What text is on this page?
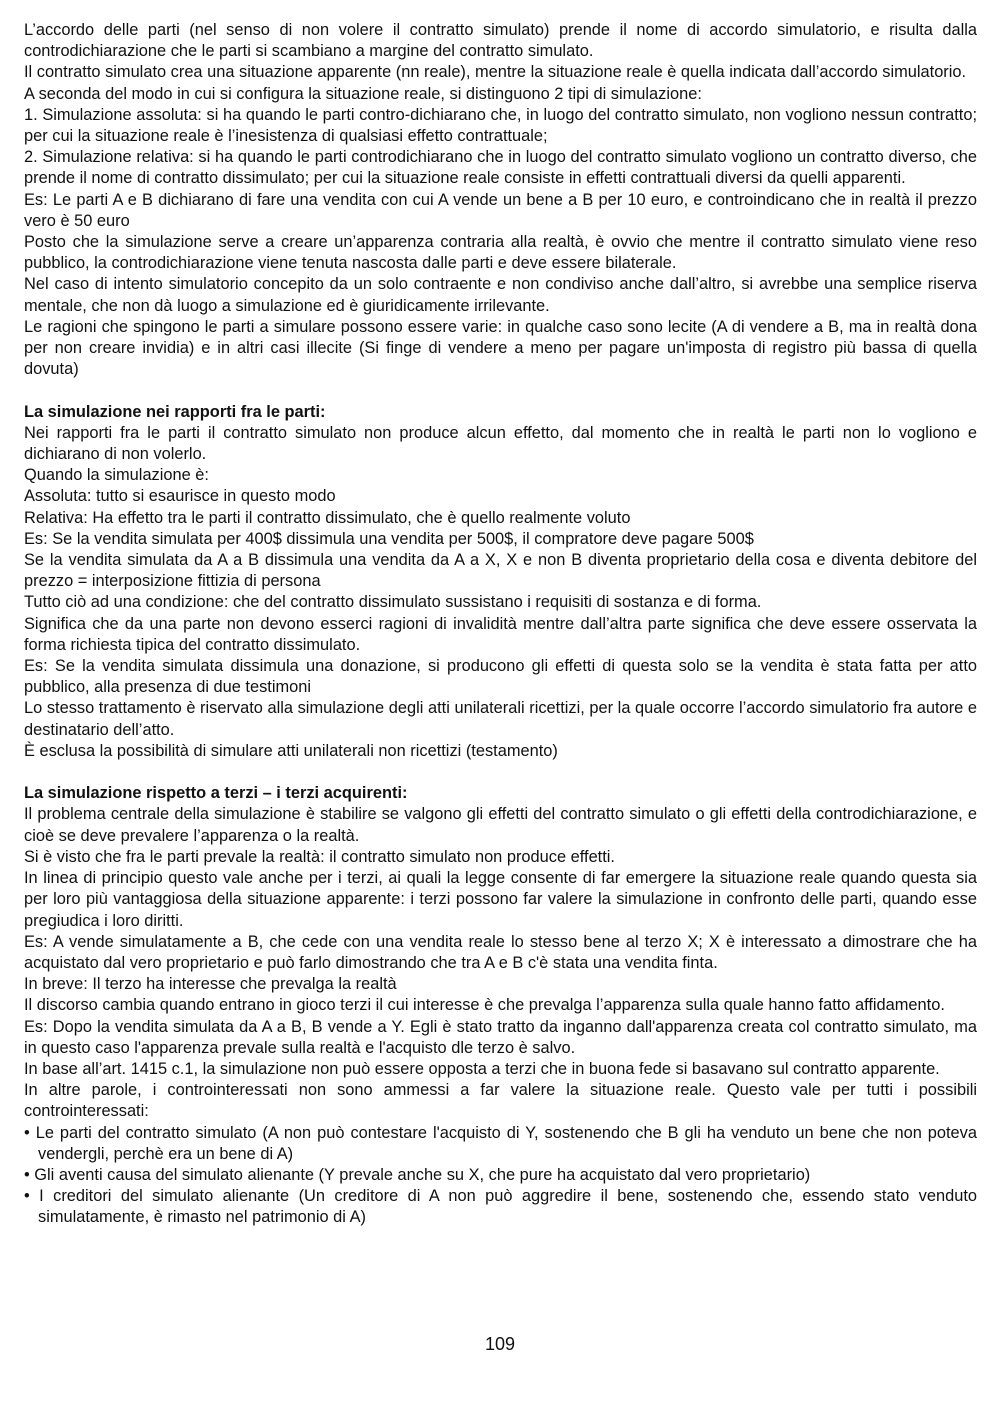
L’accordo delle parti (nel senso di non volere il contratto simulato) prende il nome di accordo simulatorio, e risulta dalla controdichiarazione che le parti si scambiano a margine del contratto simulato.

Il contratto simulato crea una situazione apparente (nn reale), mentre la situazione reale è quella indicata dall’accordo simulatorio.

A seconda del modo in cui si configura la situazione reale, si distinguono 2 tipi di simulazione:

1. Simulazione assoluta: si ha quando le parti contro-dichiarano che, in luogo del contratto simulato, non vogliono nessun contratto; per cui la situazione reale è l’inesistenza di qualsiasi effetto contrattuale;

2. Simulazione relativa: si ha quando le parti controdichiarano che in luogo del contratto simulato vogliono un contratto diverso, che prende il nome di contratto dissimulato; per cui la situazione reale consiste in effetti contrattuali diversi da quelli apparenti.

Es: Le parti A e B dichiarano di fare una vendita con cui A vende un bene a B per 10 euro, e controindicano che in realtà il prezzo vero è 50 euro

Posto che la simulazione serve a creare un’apparenza contraria alla realtà, è ovvio che mentre il contratto simulato viene reso pubblico, la controdichiarazione viene tenuta nascosta dalle parti e deve essere bilaterale.

Nel caso di intento simulatorio concepito da un solo contraente e non condiviso anche dall’altro, si avrebbe una semplice riserva mentale, che non dà luogo a simulazione ed è giuridicamente irrilevante.

Le ragioni che spingono le parti a simulare possono essere varie: in qualche caso sono lecite (A di vendere a B, ma in realtà dona per non creare invidia) e in altri casi illecite (Si finge di vendere a meno per pagare un'imposta di registro più bassa di quella dovuta)

La simulazione nei rapporti fra le parti:

Nei rapporti fra le parti il contratto simulato non produce alcun effetto, dal momento che in realtà le parti non lo vogliono e dichiarano di non volerlo.

Quando la simulazione è:

Assoluta: tutto si esaurisce in questo modo

Relativa: Ha effetto tra le parti il contratto dissimulato, che è quello realmente voluto

Es: Se la vendita simulata per 400$ dissimula una vendita per 500$, il compratore deve pagare 500$

Se la vendita simulata da A a B dissimula una vendita da A a X, X e non B diventa proprietario della cosa e diventa debitore del prezzo = interposizione fittizia di persona

Tutto ciò ad una condizione: che del contratto dissimulato sussistano i requisiti di sostanza e di forma.

Significa che da una parte non devono esserci ragioni di invalidità mentre dall’altra parte significa che deve essere osservata la forma richiesta tipica del contratto dissimulato.

Es: Se la vendita simulata dissimula una donazione, si producono gli effetti di questa solo se la vendita è stata fatta per atto pubblico, alla presenza di due testimoni

Lo stesso trattamento è riservato alla simulazione degli atti unilaterali ricettizi, per la quale occorre l’accordo simulatorio fra autore e destinatario dell’atto.

È esclusa la possibilità di simulare atti unilaterali non ricettizi (testamento)

La simulazione rispetto a terzi – i terzi acquirenti:

Il problema centrale della simulazione è stabilire se valgono gli effetti del contratto simulato o gli effetti della controdichiarazione, e cioè se deve prevalere l’apparenza o la realtà.

Si è visto che fra le parti prevale la realtà: il contratto simulato non produce effetti.

In linea di principio questo vale anche per i terzi, ai quali la legge consente di far emergere la situazione reale quando questa sia per loro più vantaggiosa della situazione apparente: i terzi possono far valere la simulazione in confronto delle parti, quando esse pregiudica i loro diritti.

Es: A vende simulatamente a B, che cede con una vendita reale lo stesso bene al terzo X; X è interessato a dimostrare che ha acquistato dal vero proprietario e può farlo dimostrando che tra A e B c'è stata una vendita finta.

In breve: Il terzo ha interesse che prevalga la realtà

Il discorso cambia quando entrano in gioco terzi il cui interesse è che prevalga l’apparenza sulla quale hanno fatto affidamento.

Es: Dopo la vendita simulata da A a B, B vende a Y. Egli è stato tratto da inganno dall'apparenza creata col contratto simulato, ma in questo caso l'apparenza prevale sulla realtà e l'acquisto dle terzo è salvo.

In base all’art. 1415 c.1, la simulazione non può essere opposta a terzi che in buona fede si basavano sul contratto apparente.

In altre parole, i controinteressati non sono ammessi a far valere la situazione reale. Questo vale per tutti i possibili controinteressati:

• Le parti del contratto simulato (A non può contestare l'acquisto di Y, sostenendo che B gli ha venduto un bene che non poteva vendergli, perchè era un bene di A)

• Gli aventi causa del simulato alienante (Y prevale anche su X, che pure ha acquistato dal vero proprietario)

• I creditori del simulato alienante (Un creditore di A non può aggredire il bene, sostenendo che, essendo stato venduto simulatamente, è rimasto nel patrimonio di A)

109
